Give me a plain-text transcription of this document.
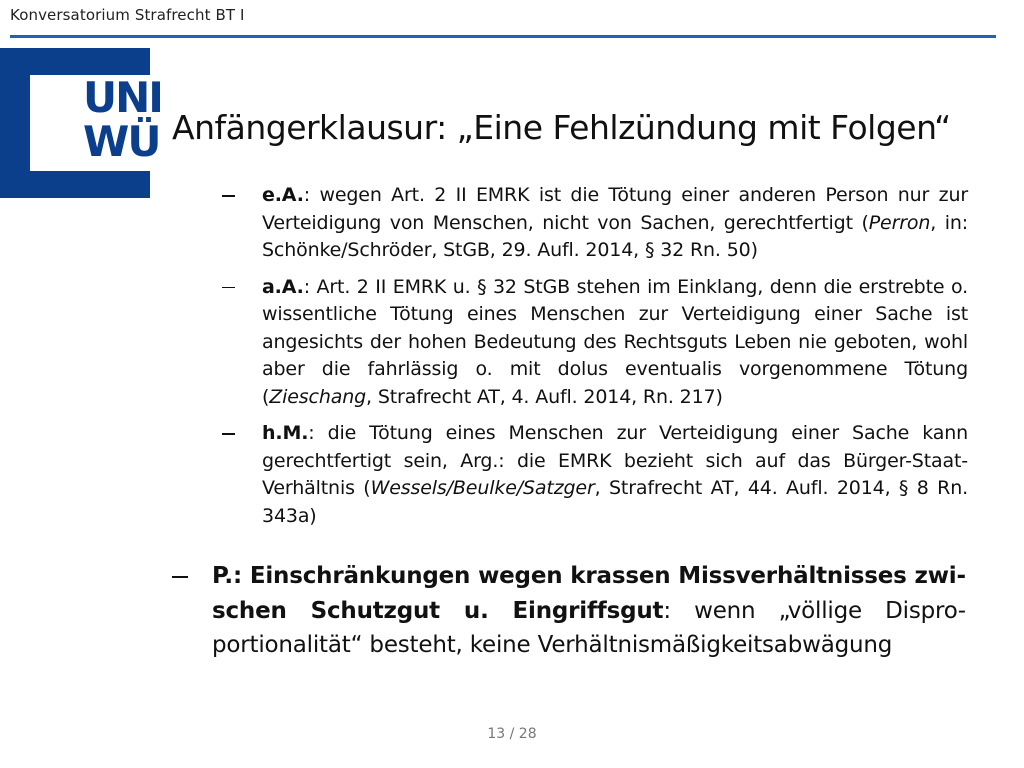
Konversatorium Strafrecht BT I
UNI
WÜ Anfängerklausur: „Eine Fehlzündung mit Folgen“
e.A.: wegen Art. 2 II EMRK ist die Tötung einer anderen Person nur zur Verteidigung von Menschen, nicht von Sachen, gerechtfertigt (Perron, in: Schönke/Schröder, StGB, 29. Aufl. 2014, § 32 Rn. 50)
a.A.: Art. 2 II EMRK u. § 32 StGB stehen im Einklang, denn die erstrebte o. wissentliche Tötung eines Menschen zur Verteidigung einer Sache ist angesichts der hohen Bedeutung des Rechtsguts Leben nie geboten, wohl aber die fahrlässig o. mit dolus eventualis vorgenommene Tötung (Zieschang, Strafrecht AT, 4. Aufl. 2014, Rn. 217)
h.M.: die Tötung eines Menschen zur Verteidigung einer Sache kann gerechtfertigt sein, Arg.: die EMRK bezieht sich auf das Bürger-Staat-Verhältnis (Wessels/Beulke/Satzger, Strafrecht AT, 44. Aufl. 2014, § 8 Rn. 343a)
P.: Einschränkungen wegen krassen Missverhältnisses zwischen Schutzgut u. Eingriffsgut: wenn „völlige Disproportionalität“ besteht, keine Verhältnismäßigkeitsabwägung
13 / 28
